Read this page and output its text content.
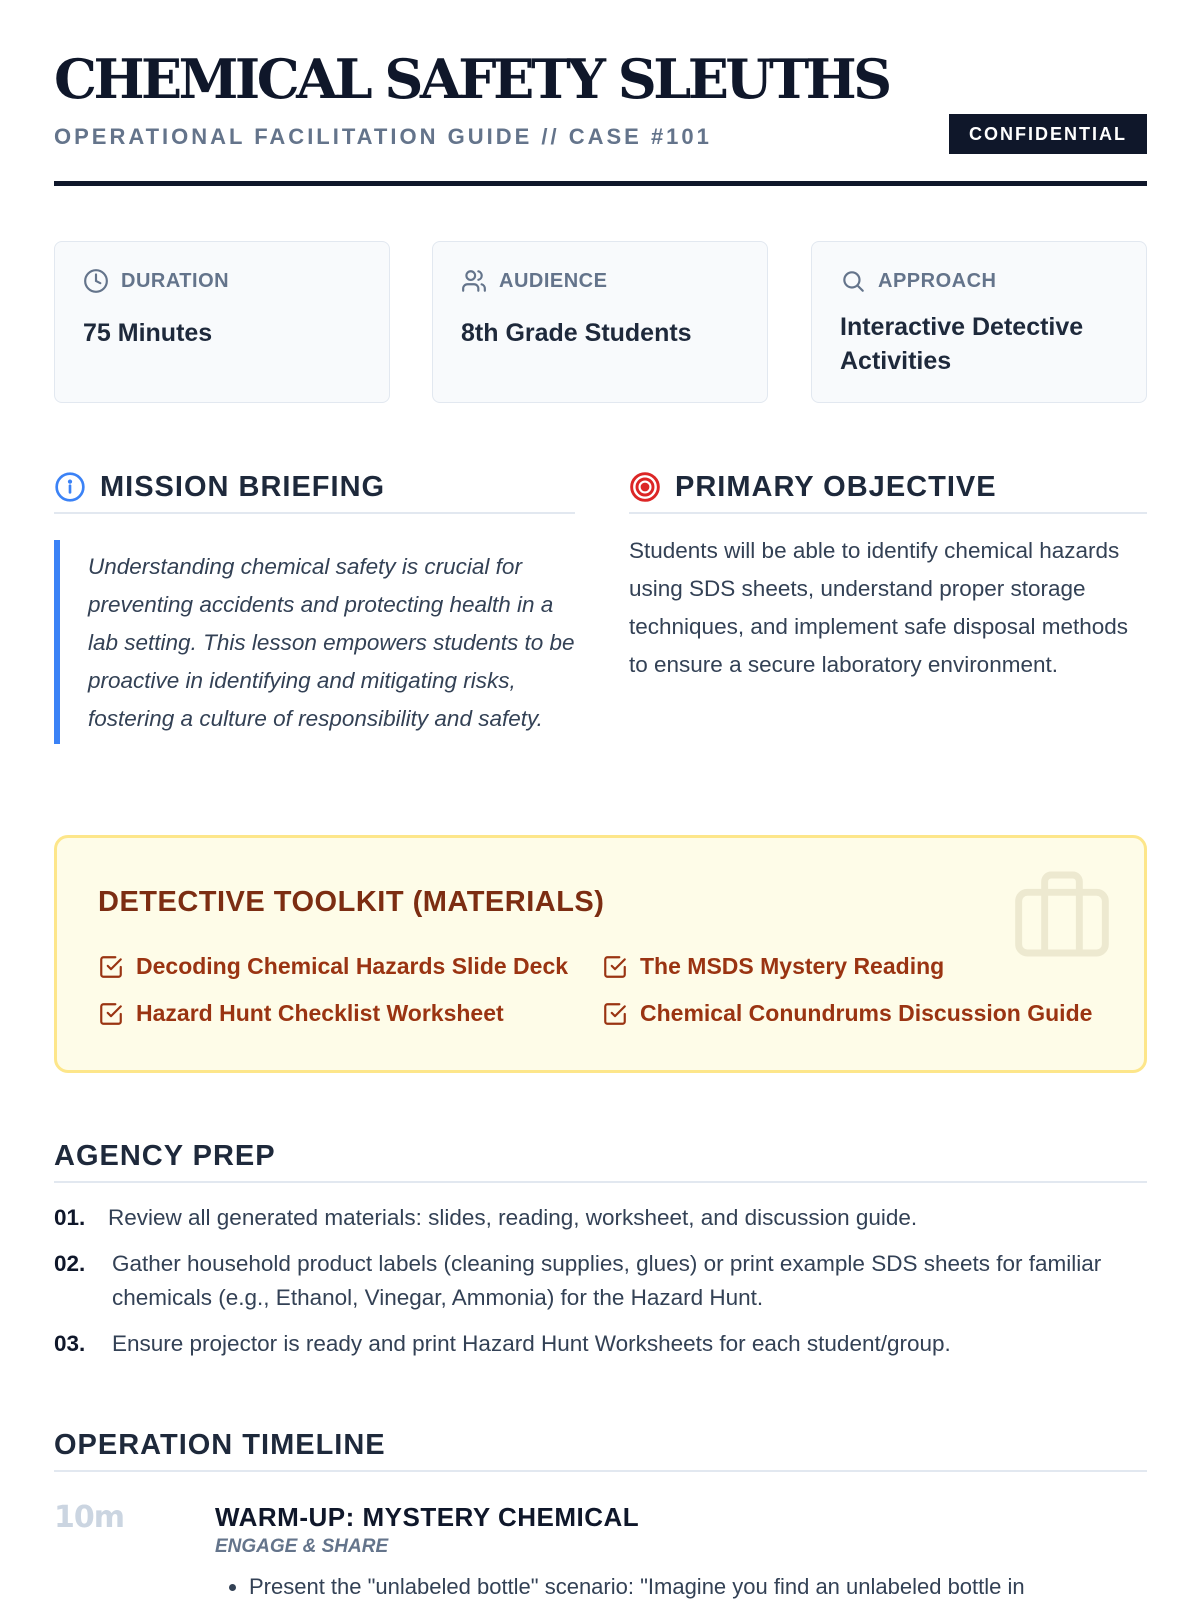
CHEMICAL SAFETY SLEUTHS
OPERATIONAL FACILITATION GUIDE // CASE #101	CONFIDENTIAL
DURATION
75 Minutes
AUDIENCE
8th Grade Students
APPROACH
Interactive Detective Activities
MISSION BRIEFING
Understanding chemical safety is crucial for preventing accidents and protecting health in a lab setting. This lesson empowers students to be proactive in identifying and mitigating risks, fostering a culture of responsibility and safety.
PRIMARY OBJECTIVE
Students will be able to identify chemical hazards using SDS sheets, understand proper storage techniques, and implement safe disposal methods to ensure a secure laboratory environment.
DETECTIVE TOOLKIT (MATERIALS)
Decoding Chemical Hazards Slide Deck	The MSDS Mystery Reading
Hazard Hunt Checklist Worksheet	Chemical Conundrums Discussion Guide
AGENCY PREP
01.	Review all generated materials: slides, reading, worksheet, and discussion guide.
02.	Gather household product labels (cleaning supplies, glues) or print example SDS sheets for familiar chemicals (e.g., Ethanol, Vinegar, Ammonia) for the Hazard Hunt.
03.	Ensure projector is ready and print Hazard Hunt Worksheets for each student/group.
OPERATION TIMELINE
10m	WARM-UP: MYSTERY CHEMICAL
ENGAGE & SHARE
• Present the "unlabeled bottle" scenario: "Imagine you find an unlabeled bottle in
